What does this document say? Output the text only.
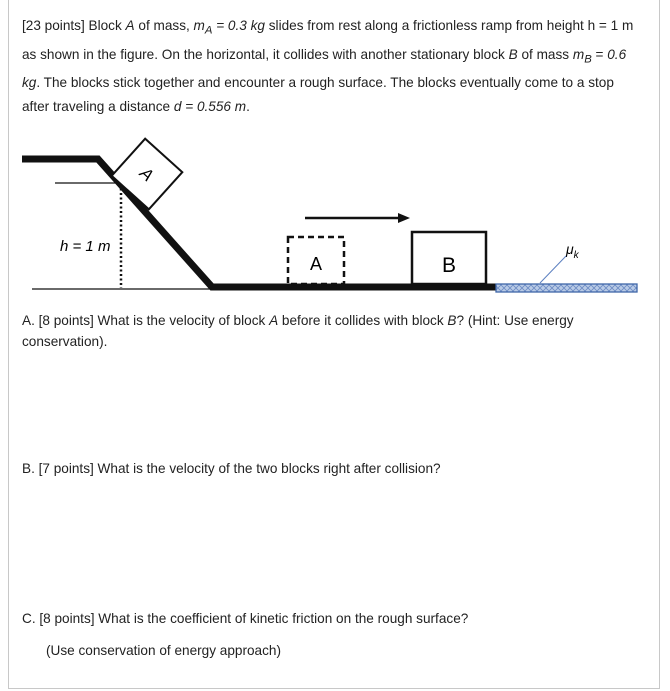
[23 points] Block A of mass, $m_A = 0.3$ kg slides from rest along a frictionless ramp from height h = 1 m as shown in the figure. On the horizontal, it collides with another stationary block B of mass $m_B = 0.6$ kg. The blocks stick together and encounter a rough surface. The blocks eventually come to a stop after traveling a distance d = 0.556 m.

h = 1 m
A
A	B
$\mu_k$

A. [8 points] What is the velocity of block A before it collides with block B? (Hint: Use energy conservation).

B. [7 points] What is the velocity of the two blocks right after collision?

C. [8 points] What is the coefficient of kinetic friction on the rough surface?

(Use conservation of energy approach)
